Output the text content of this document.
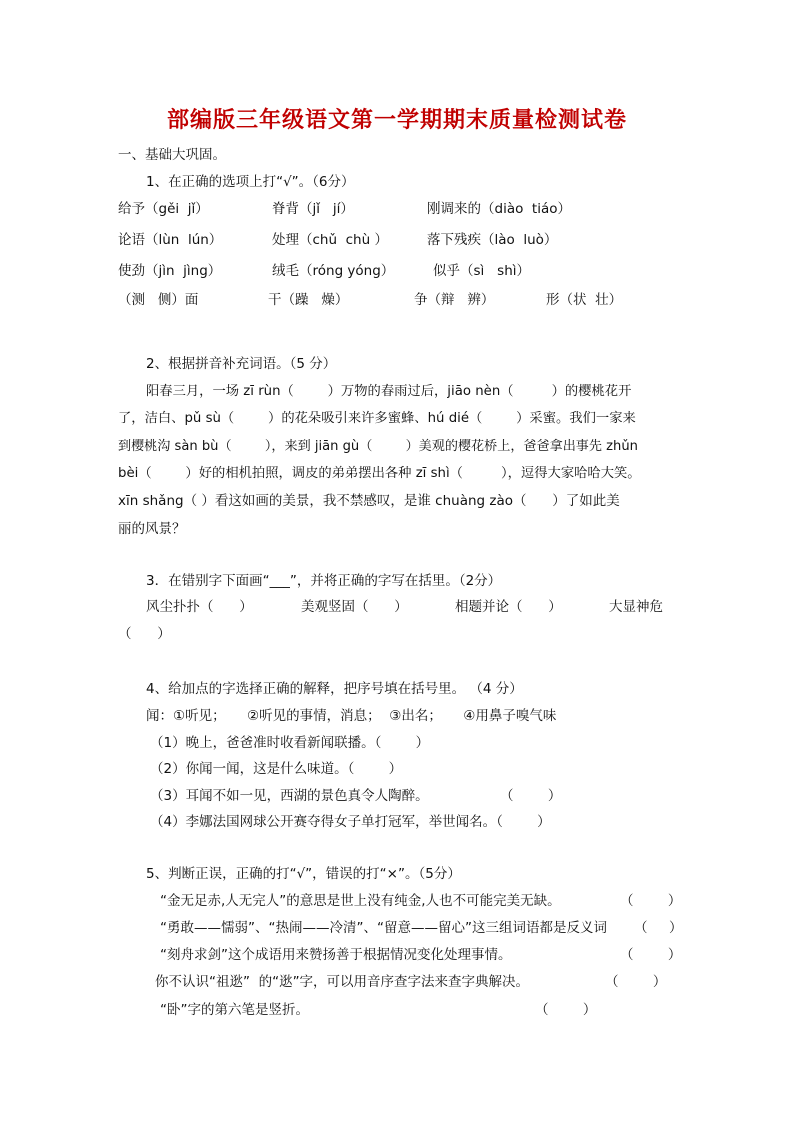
部编版三年级语文第一学期期末质量检测试卷
一、基础大巩固。
1、在正确的选项上打“√”。（6分）
给予（gěi  jǐ）	脊背（jǐ   jí）	刚调来的（diào  tiáo）
论语（lùn  lún）	处理（chǔ  chù ）	落下残疾（lào  luò）
使劲（jìn  jìng）	绒毛（róng yóng）	似乎（sì   shì）
（测   侧）面	干（躁   燥）	争（辩   辨）	形（状  壮）
2、根据拼音补充词语。（5 分）
阳春三月，一场 zī rùn（        ）万物的春雨过后，jiāo nèn（         ）的樱桃花开
了，洁白、pǔ sù（        ）的花朵吸引来许多蜜蜂、hú dié（        ）采蜜。我们一家来
到樱桃沟 sàn bù（        ），来到 jiān gù（        ）美观的樱花桥上，爸爸拿出事先 zhǔn
bèi（        ）好的相机拍照，调皮的弟弟摆出各种 zī shì（         ），逗得大家哈哈大笑。
xīn shǎng（ ）看这如画的美景，我不禁感叹，是谁 chuàng zào（      ）了如此美
丽的风景？
3．在错别字下面画“___”，并将正确的字写在括里。（2分）
风尘扑扑（      ）	美观竖固（      ）	相题并论（      ）	大显神危
（      ）
4、给加点的字选择正确的解释，把序号填在括号里。 （4 分）
闻：①听见；     ②听见的事情，消息；  ③出名；     ④用鼻子嗅气味
（1）晚上，爸爸准时收看新闻联播。（        ）
（2）你闻一闻，这是什么味道。（        ）
（3）耳闻不如一见，西湖的景色真令人陶醉。	（        ）
（4）李娜法国网球公开赛夺得女子单打冠军，举世闻名。（        ）
5、判断正误，正确的打“√”，错误的打“×”。（5分）
“金无足赤,人无完人”的意思是世上没有纯金,人也不可能完美无缺。	（        ）
“勇敢——懦弱”、“热闹——冷清”、“留意——留心”这三组词语都是反义词 （     ）
“刻舟求剑”这个成语用来赞扬善于根据情况变化处理事情。	（        ）
你不认识“祖逖”  的“逖”字，可以用音序查字法来查字典解决。	（        ）
“卧”字的第六笔是竖折。	（        ）
